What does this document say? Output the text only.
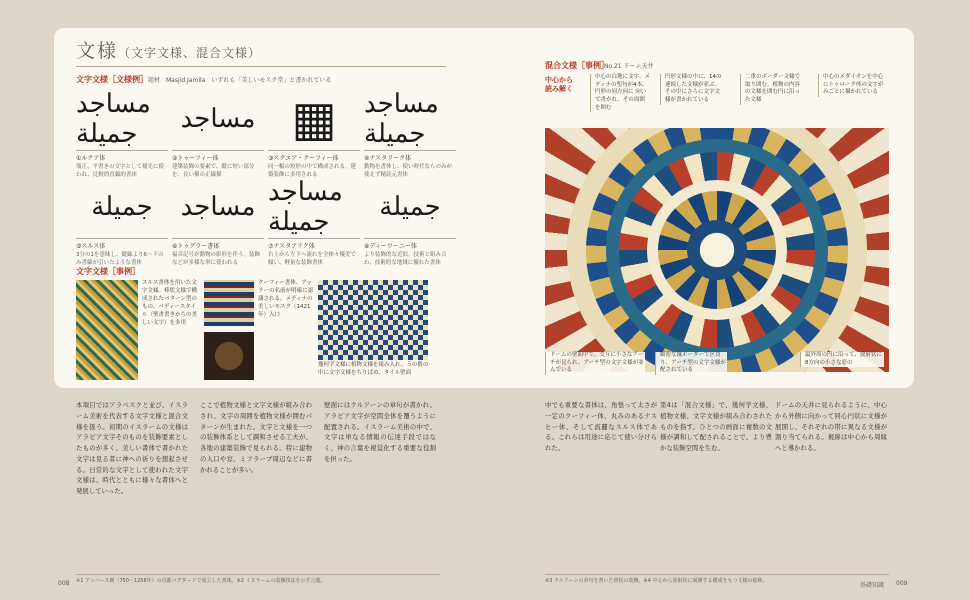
文様（文字文様、混合文様）
文字文様［文様例］ 題材　Masjid Jamila　いずれも「美しいモスク堂」と書かれている
مساجد جميلة
①ルクア体
端正、平書きの文字として稲光に使われ、比較的直線的書体
مساجد
②トゥーフィー体
建築装飾の要素で、縦に短い部分を、長い横の正線描
▦
③スクエア・クーフィー体
同一幅の短形の中で構成される。建築装飾に多用される
مساجد جميلة
④ナスタリーク体
動物を書体し、使い時代ならのみが使えず精読元書体
جميلة
⑤スルス体
3分の1を意味し、縦線より6〜下のみ書線が引いたような書体
مساجد
⑥トゥグラー書体
福音記号が動物の影形を伴う。装飾などが多様な形に使われる
مساجد جميلة
⑦ナスタアリク体
右上から左下へ流れを全体々優美で傾い、軽量な装飾書体
جميلة
⑧ディーワーニー体
より装飾的な近似。技術と組み合わ、技術的な地域に優れた書体
文字文様［事例］
スルス書体を用いた文字文様。棒状文様で構成されたパターン型のもの、バディースタイル（聖書書きからの美しい文字）を多用
クーフィー書体、アッラーの名前が明確に認識される。メディナの美しいモスク（1421年）入口
幾何学文様に植物文様を組み入れ、５の数の中に文字文様をちりばめ、タイル壁面
混合文様［事例］
No.21 ドーム天井
中心から 読み解く
中心の白地に文字、メディナの聖句が4本、円形の同方向に 向いて書かれ、その周囲を囲む
円形文様の中に、14の連続した文様が並ぶ。その中にさらに文字文様が書かれている
二重のボーダー文様で取り囲む。植物の内容の文様を囲む円に沿った文様
中心のメダイオンを中心にトゥローク体の文字がみごとに描かれている
ドームの壁面中で、交互に小さなアーチが見られ、アーチ型の文字文様が並んでいる
細密な縁ボーダーで区切り、アーチ型の文字文様が配されている
最外周の円に沿って、放射状に8方向の小さな窓の
本項目ではアラベスクと並び、イスラーム美術を代表する文字文様と混合文様を扱う。初期のイスラームの文様はアラビア文字そのものを装飾要素としたものが多く、美しい書体で書かれた文字は見る者に神への祈りを想起させる。日常的な文字として使われた文字文様は、時代とともに様々な書体へと発展していった。
ここで植物文様と文字文様が組み合わされ、文字の周囲を植物文様が囲むパターンが生まれた。文字と文様を一つの装飾体系として調和させる工夫が、各地の建築装飾で見られる。特に建物の入口や窓、ミフラーブ周辺などに書かれることが多い。
壁面にはクルアーンの章句が書かれ、アラビア文字が空間全体を覆うように配置される。イスラーム美術の中で、文字は単なる情報の伝達手段ではなく、神の言葉を視覚化する重要な役割を担った。
中でも重要な書体は、角張って太さが一定のクーフィー体、丸みのあるナスヒー体、そして流麗なスルス体である。これらは用途に応じて使い分けられた。
第4は「混合文様」で、幾何学文様、植物文様、文字文様が組み合わされたものを指す。ひとつの画面に複数の文様が調和して配されることで、より豊かな装飾空間を生む。
ドームの天井に見られるように、中心から外側に向かって同心円状に文様が展開し、それぞれの帯に異なる文様が割り当てられる。視線は中心から周縁へと導かれる。
※1 アッバース朝（750〜1258年）の首都バグダードで成立した書体。※2 イスラームの装飾技法を示す言葉。	※3 クルアーンの章句を書いた帯状の装飾。※4 中心から放射状に展開する構成をもつ文様の総称。
008	基礎知識 009
